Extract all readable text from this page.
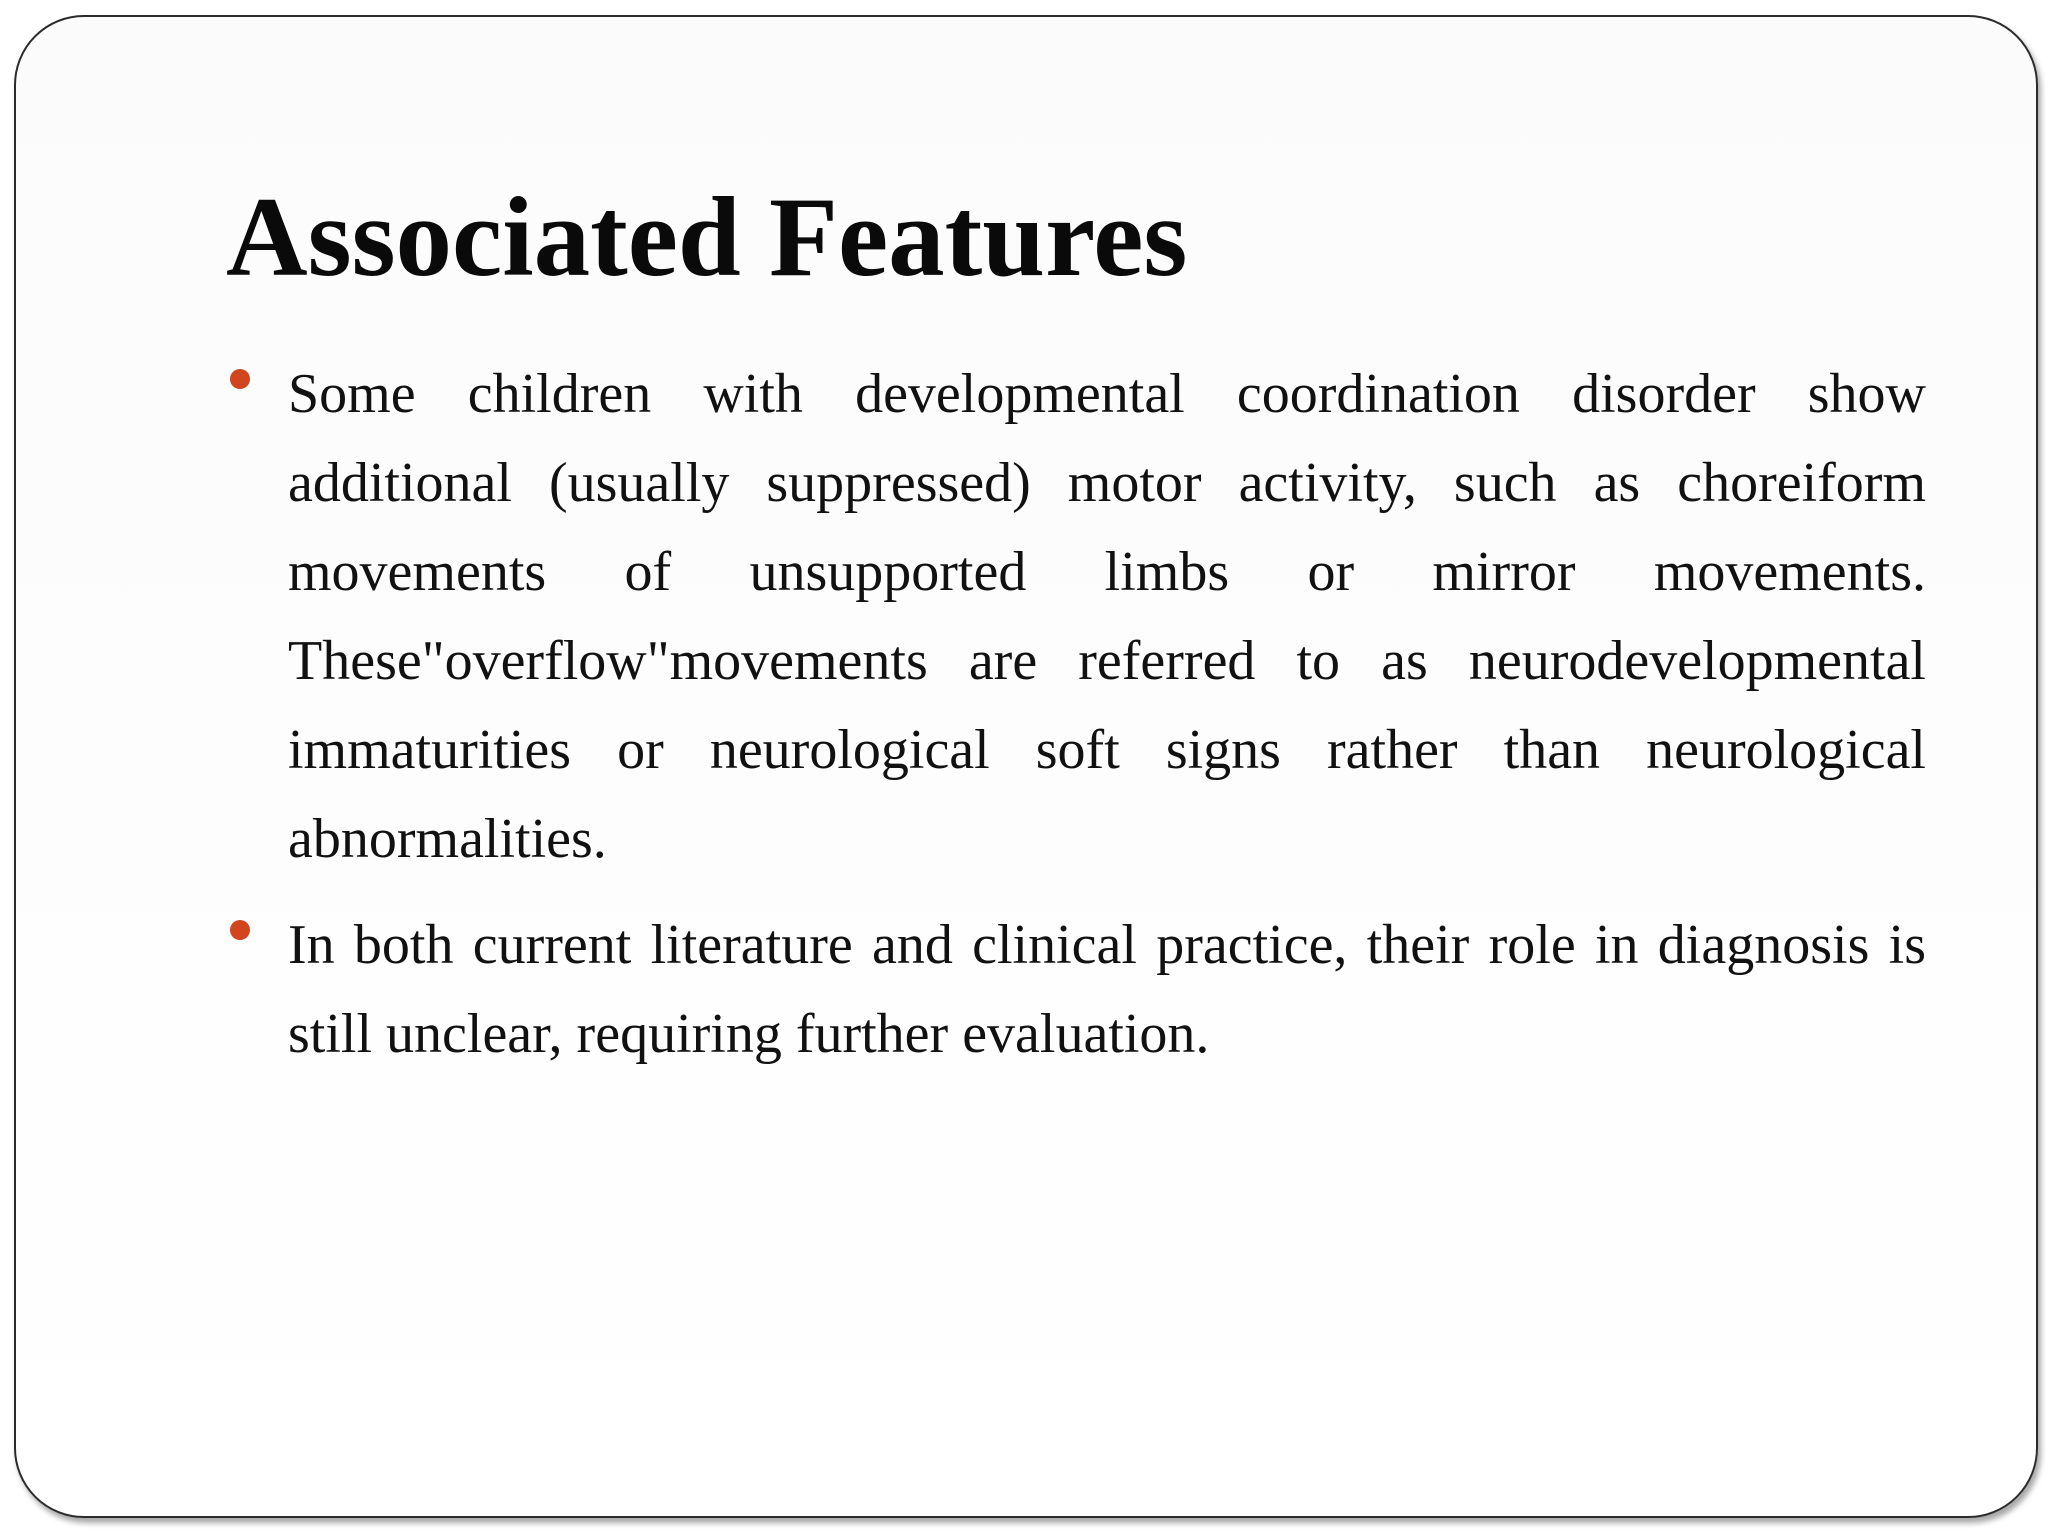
Associated Features
Some children with developmental coordination disorder show additional (usually suppressed) motor activity, such as choreiform movements of unsupported limbs or mirror movements. These"overflow"movements are referred to as neurodevelopmental immaturities or neurological soft signs rather than neurological abnormalities.
In both current literature and clinical practice, their role in diagnosis is still unclear, requiring further evaluation.
